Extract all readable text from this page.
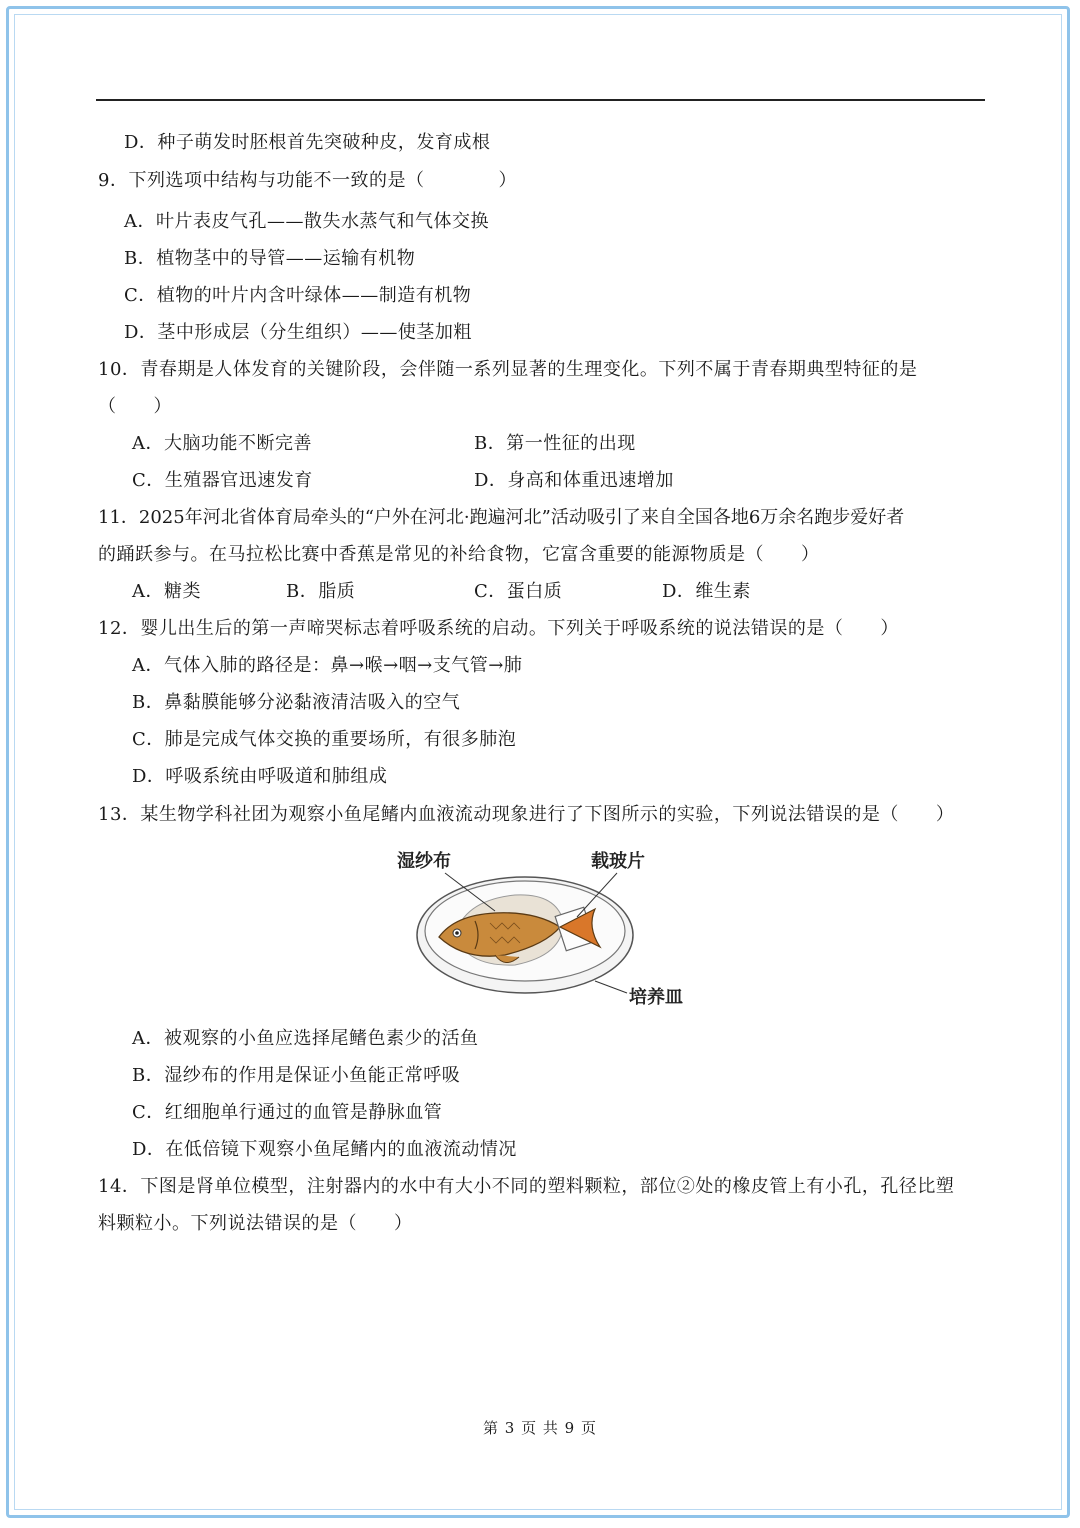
D．种子萌发时胚根首先突破种皮，发育成根
9．下列选项中结构与功能不一致的是（　　　　）
A．叶片表皮气孔——散失水蒸气和气体交换
B．植物茎中的导管——运输有机物
C．植物的叶片内含叶绿体——制造有机物
D．茎中形成层（分生组织）——使茎加粗
10．青春期是人体发育的关键阶段，会伴随一系列显著的生理变化。下列不属于青春期典型特征的是
（　　）
A．大脑功能不断完善	B．第一性征的出现
C．生殖器官迅速发育	D．身高和体重迅速增加
11．2025年河北省体育局牵头的“户外在河北·跑遍河北”活动吸引了来自全国各地6万余名跑步爱好者
的踊跃参与。在马拉松比赛中香蕉是常见的补给食物，它富含重要的能源物质是（　　）
A．糖类	B．脂质	C．蛋白质	D．维生素
12．婴儿出生后的第一声啼哭标志着呼吸系统的启动。下列关于呼吸系统的说法错误的是（　　）
A．气体入肺的路径是：鼻→喉→咽→支气管→肺
B．鼻黏膜能够分泌黏液清洁吸入的空气
C．肺是完成气体交换的重要场所，有很多肺泡
D．呼吸系统由呼吸道和肺组成
13．某生物学科社团为观察小鱼尾鳍内血液流动现象进行了下图所示的实验，下列说法错误的是（　　）
湿纱布	载玻片
培养皿
A．被观察的小鱼应选择尾鳍色素少的活鱼
B．湿纱布的作用是保证小鱼能正常呼吸
C．红细胞单行通过的血管是静脉血管
D．在低倍镜下观察小鱼尾鳍内的血液流动情况
14．下图是肾单位模型，注射器内的水中有大小不同的塑料颗粒，部位②处的橡皮管上有小孔，孔径比塑
料颗粒小。下列说法错误的是（　　）
第 3 页 共 9 页
